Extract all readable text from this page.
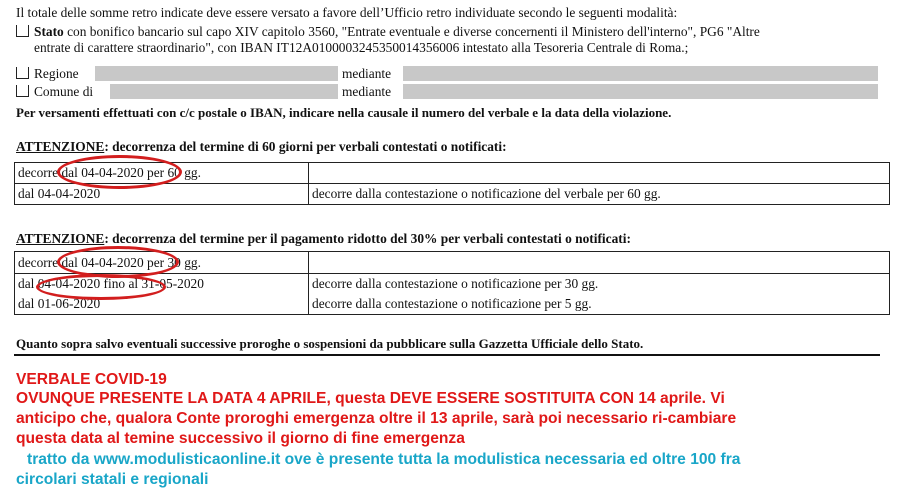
Il totale delle somme retro indicate deve essere versato a favore dell’Ufficio retro individuate secondo le seguenti modalità:
Stato con bonifico bancario sul capo XIV capitolo 3560, "Entrate eventuale e diverse concernenti il Ministero dell'interno", PG6 "Altre
entrate di carattere straordinario", con IBAN IT12A0100003245350014356006 intestato alla Tesoreria Centrale di Roma.;
Regione	mediante
Comune di	mediante
Per versamenti effettuati con c/c postale o IBAN, indicare nella causale il numero del verbale e la data della violazione.
ATTENZIONE: decorrenza del termine di 60 giorni per verbali contestati o notificati:
decorre dal 04-04-2020 per 60 gg.	
dal 04-04-2020	decorre dalla contestazione o notificazione del verbale per 60 gg.
ATTENZIONE: decorrenza del termine per il pagamento ridotto del 30% per verbali contestati o notificati:
decorre dal 04-04-2020 per 30 gg.	
dal 04-04-2020 fino al 31-05-2020	decorre dalla contestazione o notificazione per 30 gg.
dal 01-06-2020	decorre dalla contestazione o notificazione per 5 gg.
Quanto sopra salvo eventuali successive proroghe o sospensioni da pubblicare sulla Gazzetta Ufficiale dello Stato.
VERBALE COVID-19
OVUNQUE PRESENTE LA DATA 4 APRILE, questa DEVE ESSERE SOSTITUITA CON 14 aprile. Vi
anticipo che, qualora Conte proroghi emergenza oltre il 13 aprile, sarà poi necessario ri-cambiare
questa data al temine successivo il giorno di fine emergenza
tratto da www.modulisticaonline.it ove è presente tutta la modulistica necessaria ed oltre 100 fra
circolari statali e regionali
